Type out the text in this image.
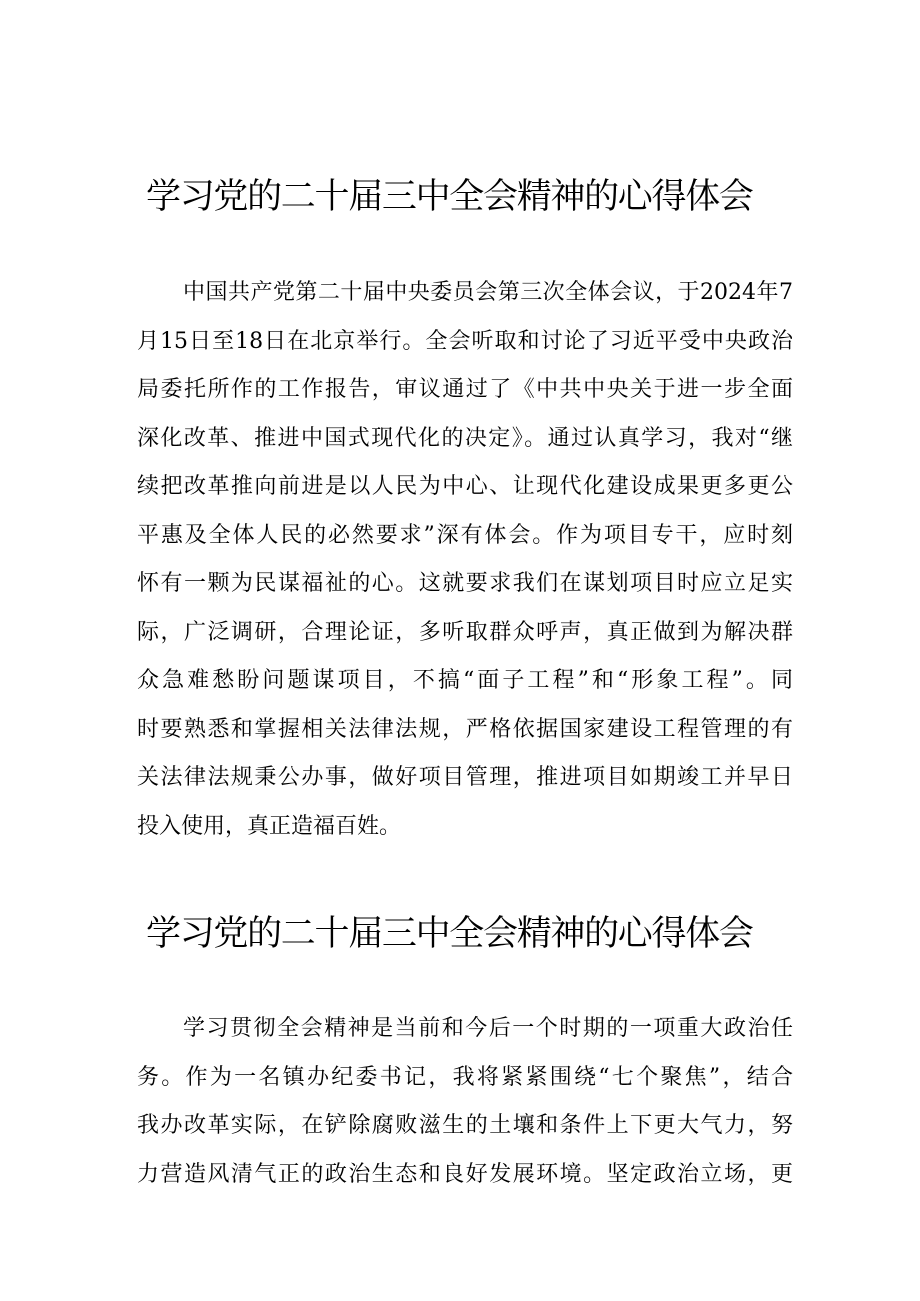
学习党的二十届三中全会精神的心得体会
中国共产党第二十届中央委员会第三次全体会议，于2024年7
月15日至18日在北京举行。全会听取和讨论了习近平受中央政治
局委托所作的工作报告，审议通过了《中共中央关于进一步全面
深化改革、推进中国式现代化的决定》。通过认真学习，我对“继
续把改革推向前进是以人民为中心、让现代化建设成果更多更公
平惠及全体人民的必然要求”深有体会。作为项目专干，应时刻
怀有一颗为民谋福祉的心。这就要求我们在谋划项目时应立足实
际，广泛调研，合理论证，多听取群众呼声，真正做到为解决群
众急难愁盼问题谋项目，不搞“面子工程”和“形象工程”。同
时要熟悉和掌握相关法律法规，严格依据国家建设工程管理的有
关法律法规秉公办事，做好项目管理，推进项目如期竣工并早日
投入使用，真正造福百姓。
学习党的二十届三中全会精神的心得体会
学习贯彻全会精神是当前和今后一个时期的一项重大政治任
务。作为一名镇办纪委书记，我将紧紧围绕“七个聚焦”，结合
我办改革实际，在铲除腐败滋生的土壤和条件上下更大气力，努
力营造风清气正的政治生态和良好发展环境。坚定政治立场，更
